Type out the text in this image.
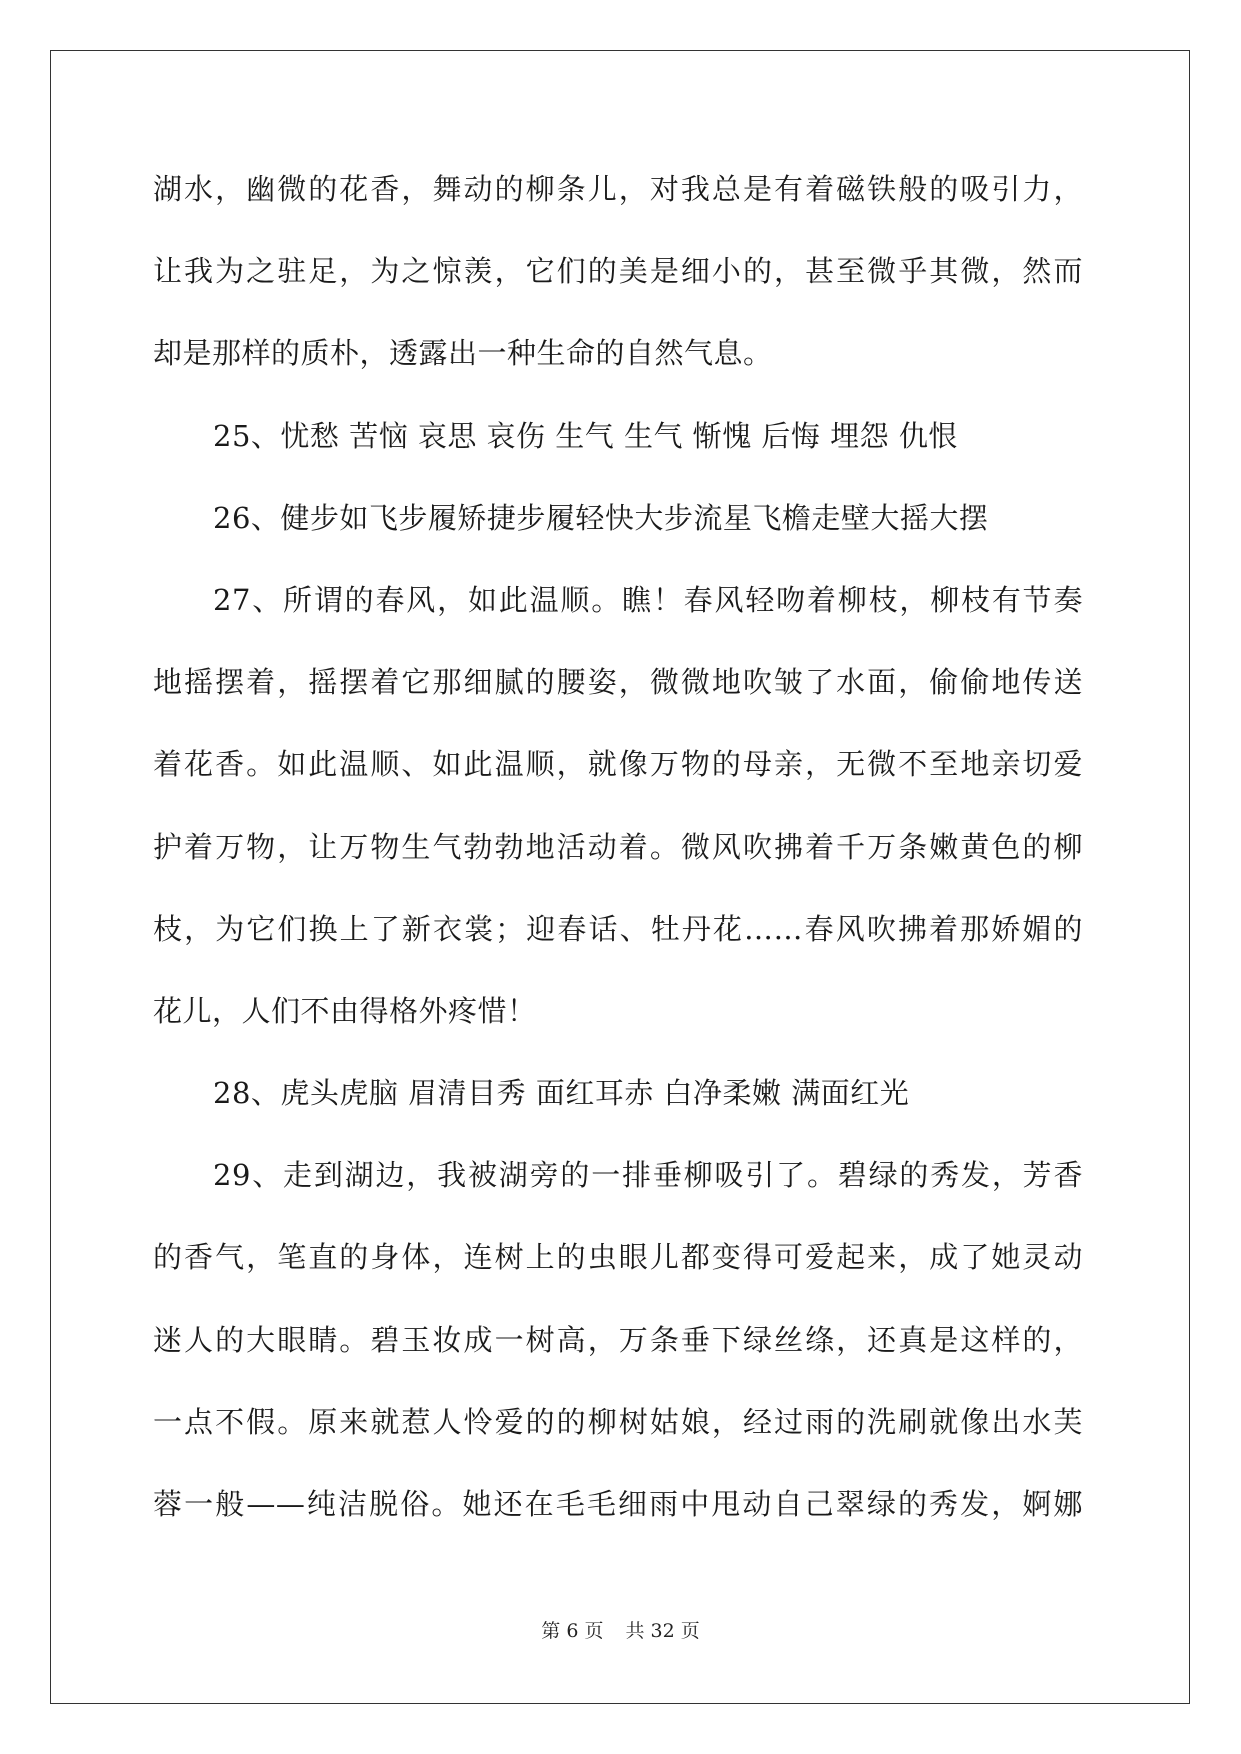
湖水，幽微的花香，舞动的柳条儿，对我总是有着磁铁般的吸引力，
让我为之驻足，为之惊羡，它们的美是细小的，甚至微乎其微，然而
却是那样的质朴，透露出一种生命的自然气息。
25、忧愁 苦恼 哀思 哀伤 生气 生气 惭愧 后悔 埋怨 仇恨
26、健步如飞步履矫捷步履轻快大步流星飞檐走壁大摇大摆
27、所谓的春风，如此温顺。瞧！春风轻吻着柳枝，柳枝有节奏
地摇摆着，摇摆着它那细腻的腰姿，微微地吹皱了水面，偷偷地传送
着花香。如此温顺、如此温顺，就像万物的母亲，无微不至地亲切爱
护着万物，让万物生气勃勃地活动着。微风吹拂着千万条嫩黄色的柳
枝，为它们换上了新衣裳；迎春话、牡丹花……春风吹拂着那娇媚的
花儿，人们不由得格外疼惜！
28、虎头虎脑 眉清目秀 面红耳赤 白净柔嫩 满面红光
29、走到湖边，我被湖旁的一排垂柳吸引了。碧绿的秀发，芳香
的香气，笔直的身体，连树上的虫眼儿都变得可爱起来，成了她灵动
迷人的大眼睛。碧玉妆成一树高，万条垂下绿丝绦，还真是这样的，
一点不假。原来就惹人怜爱的的柳树姑娘，经过雨的洗刷就像出水芙
蓉一般——纯洁脱俗。她还在毛毛细雨中甩动自己翠绿的秀发，婀娜
第 6 页 共 32 页
